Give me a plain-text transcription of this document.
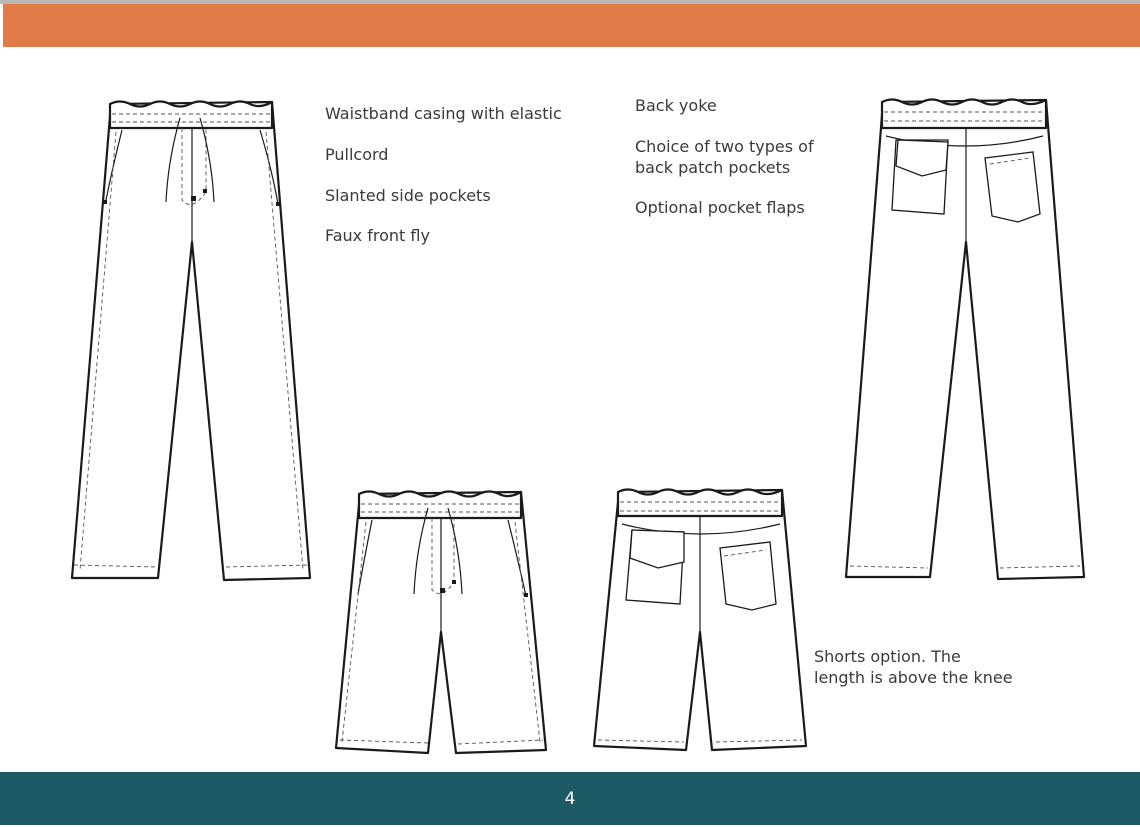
Waistband casing with elastic

Pullcord

Slanted side pockets

Faux front fly

Back yoke

Choice of two types of
back patch pockets

Optional pocket flaps

Shorts option. The
length is above the knee

4
